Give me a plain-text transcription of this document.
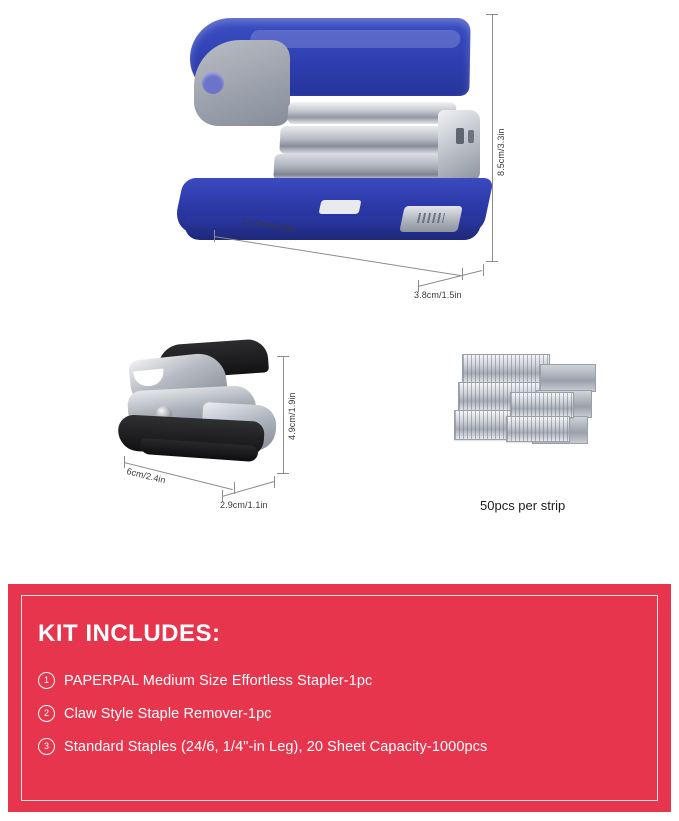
8.5cm/3.3in
12.5cm/4.9in
3.8cm/1.5in
4.9cm/1.9in
6cm/2.4in
2.9cm/1.1in	50pcs per strip
KIT INCLUDES:
1	PAPERPAL Medium Size Effortless Stapler-1pc
2	Claw Style Staple Remover-1pc
3	Standard Staples (24/6, 1/4"-in Leg), 20 Sheet Capacity-1000pcs
